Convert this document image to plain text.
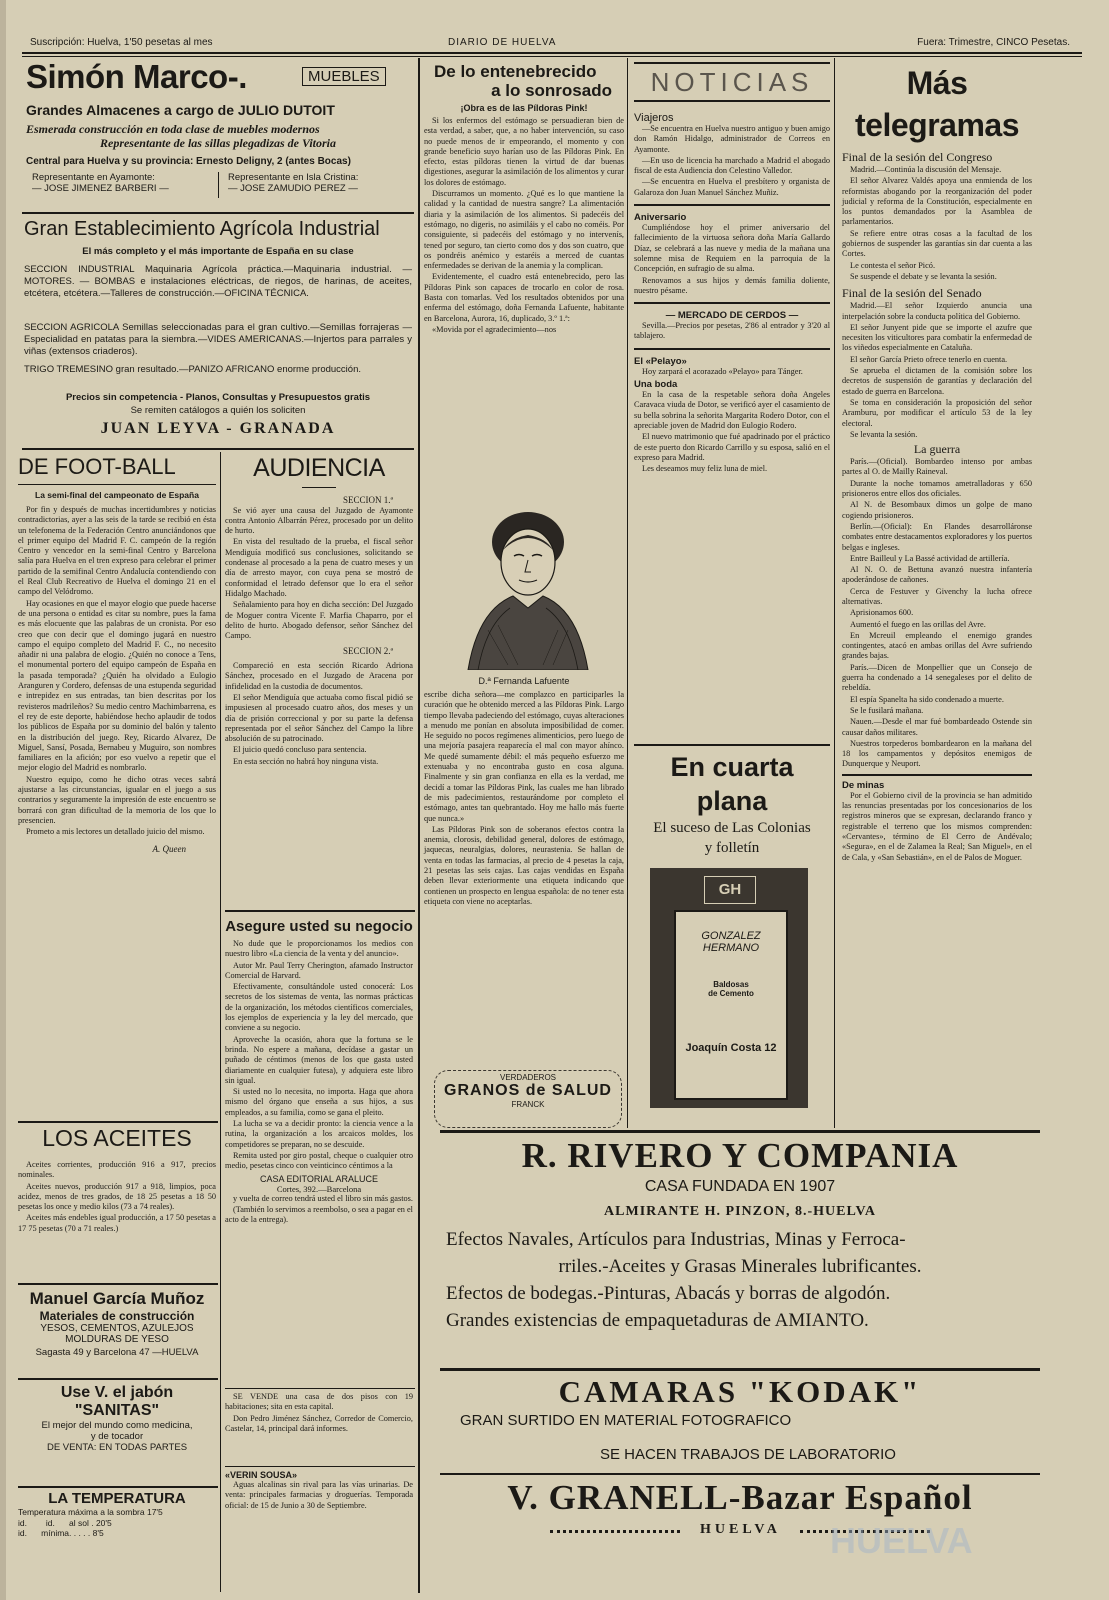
Suscripción: Huelva, 1'50 pesetas al mes	DIARIO DE HUELVA	Fuera: Trimestre, CINCO Pesetas.
Simón Marco-.	MUEBLES
Grandes Almacenes a cargo de JULIO DUTOIT
Esmerada construcción en toda clase de muebles modernos
Representante de las sillas plegadizas de Vitoria
Central para Huelva y su provincia: Ernesto Deligny, 2 (antes Bocas)
Representante en Ayamonte:
— JOSE JIMENEZ BARBERI —
Representante en Isla Cristina:
— JOSE ZAMUDIO PEREZ —
Gran Establecimiento Agrícola Industrial
El más completo y el más importante de España en su clase
SECCION INDUSTRIAL Maquinaria Agrícola práctica.—Maquinaria industrial. — MOTORES. — BOMBAS e instalaciones eléctricas, de riegos, de harinas, de aceites, etcétera, etcétera.—Talleres de construcción.—OFICINA TÉCNICA.
SECCION AGRICOLA Semillas seleccionadas para el gran cultivo.—Semillas forrajeras —Especialidad en patatas para la siembra.—VIDES AMERICANAS.—Injertos para parrales y viñas (extensos criaderos).
TRIGO TREMESINO gran resultado.—PANIZO AFRICANO enorme producción.
Precios sin competencia - Planos, Consultas y Presupuestos gratis
Se remiten catálogos a quién los soliciten
JUAN LEYVA - GRANADA
DE FOOT-BALL
La semi-final del campeonato de España

Por fin y después de muchas incertidumbres y noticias contradictorias, ayer a las seis de la tarde se recibió en ésta un telefonema de la Federación Centro anunciándonos que el primer equipo del Madrid F. C. campeón de la región Centro y vencedor en la semi-final Centro y Barcelona salía para Huelva en el tren expreso para celebrar el primer partido de la semifinal Centro Andalucía contendiendo con el Real Club Recreativo de Huelva el domingo 21 en el campo del Velódromo.

Hay ocasiones en que el mayor elogio que puede hacerse de una persona o entidad es citar su nombre, pues la fama es más elocuente que las palabras de un cronista. Por eso creo que con decir que el domingo jugará en nuestro campo el equipo completo del Madrid F. C., no necesito añadir ni una palabra de elogio. ¿Quién no conoce a Tens, el monumental portero del equipo campeón de España en la pasada temporada? ¿Quién ha olvidado a Eulogio Aranguren y Cordero, defensas de una estupenda seguridad e intrepidez en sus entradas, tan bien descritas por los revisteros madrileños? Su medio centro Machimbarrena, es el rey de este deporte, habiéndose hecho aplaudir de todos los públicos de España por su dominio del balón y talento en la distribución del juego. Rey, Ricardo Alvarez, De Miguel, Sansí, Posada, Bernabeu y Muguiro, son nombres familiares en la afición; por eso vuelvo a repetir que el mejor elogio del Madrid es nombrarlo.

Nuestro equipo, como he dicho otras veces sabrá ajustarse a las circunstancias, igualar en el juego a sus contrarios y seguramente la impresión de este encuentro se borrará con gran dificultad de la memoria de los que lo presencien.

Prometo a mis lectores un detallado juicio del mismo.

A. Queen
LOS ACEITES

Aceites corrientes, producción 916 a 917, precios nominales.

Aceites nuevos, producción 917 a 918, limpios, poca acidez, menos de tres grados, de 18 25 pesetas a 18 50 pesetas los once y medio kilos (73 a 74 reales).

Aceites más endebles igual producción, a 17 50 pesetas a 17 75 pesetas (70 a 71 reales.)

Manuel García Muñoz
Materiales de construcción
YESOS, CEMENTOS, AZULEJOS
MOLDURAS DE YESO
Sagasta 49 y Barcelona 47 —HUELVA
Use V. el jabón "SANITAS"
El mejor del mundo como medicina,
y de tocador
DE VENTA: EN TODAS PARTES
LA TEMPERATURA
Temperatura máxima a la sombra 17'5
id.        id.      al sol . 20'5
id.      mínima. . . . . 8'5
AUDIENCIA
SECCION 1.ª

Se vió ayer una causa del Juzgado de Ayamonte contra Antonio Albarrán Pérez, procesado por un delito de hurto.

En vista del resultado de la prueba, el fiscal señor Mendiguía modificó sus conclusiones, solicitando se condenase al procesado a la pena de cuatro meses y un día de arresto mayor, con cuya pena se mostró de conformidad el letrado defensor que lo era el señor Hidalgo Machado.

Señalamiento para hoy en dicha sección: Del Juzgado de Moguer contra Vicente F. Marfia Chaparro, por el delito de hurto. Abogado defensor, señor Sánchez del Campo.

SECCION 2.ª

Compareció en esta sección Ricardo Adriona Sánchez, procesado en el Juzgado de Aracena por infidelidad en la custodia de documentos.

El señor Mendiguía que actuaba como fiscal pidió se impusiesen al procesado cuatro años, dos meses y un día de prisión correccional y por su parte la defensa representada por el señor Sánchez del Campo la libre absolución de su patrocinado.

El juicio quedó concluso para sentencia.

En esta sección no habrá hoy ninguna vista.

Asegure usted su negocio

No dude que le proporcionamos los medios con nuestro libro «La ciencia de la venta y del anuncio».

Autor Mr. Paul Terry Cherington, afamado Instructor Comercial de Harvard.

Efectivamente, consultándole usted conocerá: Los secretos de los sistemas de venta, las normas prácticas de la organización, los métodos científicos comerciales, los ejemplos de experiencia y la ley del mercado, que conviene a su negocio.

Aproveche la ocasión, ahora que la fortuna se le brinda. No espere a mañana, decídase a gastar un puñado de céntimos (menos de los que gasta usted diariamente en cualquier futesa), y adquiera este libro sin igual.

Si usted no lo necesita, no importa. Haga que ahora mismo del órgano que enseña a sus hijos, a sus empleados, a su familia, como se gana el pleito.

La lucha se va a decidir pronto: la ciencia vence a la rutina, la organización a los arcaicos moldes, los competidores se preparan, no se descuide.

Remita usted por giro postal, cheque o cualquier otro medio, pesetas cinco con veinticinco céntimos a la

CASA EDITORIAL ARALUCE
Cortes, 392.—Barcelona

y vuelta de correo tendrá usted el libro sin más gastos.

(También lo servimos a reembolso, o sea a pagar en el acto de la entrega).

SE VENDE una casa de dos pisos con 19 habitaciones; sita en esta capital.

Don Pedro Jiménez Sánchez, Corredor de Comercio, Castelar, 14, principal dará informes.

«VERIN SOUSA»

Aguas alcalinas sin rival para las vías urinarias. De venta: principales farmacias y droguerías. Temporada oficial: de 15 de Junio a 30 de Septiembre.

De lo entenebrecido
a lo sonrosado
¡Obra es de las Píldoras Pink!

Si los enfermos del estómago se persuadieran bien de esta verdad, a saber, que, a no haber intervención, su caso no puede menos de ir empeorando, el momento y con grande beneficio suyo harían uso de las Píldoras Pink. En efecto, estas píldoras tienen la virtud de dar buenas digestiones, asegurar la asimilación de los alimentos y curar los dolores de estómago.

Discurramos un momento. ¿Qué es lo que mantiene la calidad y la cantidad de nuestra sangre? La alimentación diaria y la asimilación de los alimentos. Si padecéis del estómago, no digeris, no asimiláis y el cabo no coméis. Por consiguiente, si padecéis del estómago y no intervenís, tened por seguro, tan cierto como dos y dos son cuatro, que os pondréis anémico y estaréis a merced de cuantas enfermedades se derivan de la anemia y la complican.

Evidentemente, el cuadro está entenebrecido, pero las Píldoras Pink son capaces de trocarlo en color de rosa. Basta con tomarlas. Ved los resultados obtenidos por una enferma del estómago, doña Fernanda Lafuente, habitante en Barcelona, Aurora, 16, duplicado, 3.º 1.ª:

«Movida por el agradecimiento—nos

D.ª Fernanda Lafuente

escribe dicha señora—me complazco en participarles la curación que he obtenido merced a las Píldoras Pink. Largo tiempo llevaba padeciendo del estómago, cuyas alteraciones a menudo me ponían en absoluta imposibilidad de comer. He seguido no pocos regímenes alimenticios, pero luego de una mejoría pasajera reaparecía el mal con mayor ahínco. Me quedé sumamente débil: el más pequeño esfuerzo me extenuaba y no encontraba gusto en cosa alguna. Finalmente y sin gran confianza en ella es la verdad, me decidí a tomar las Píldoras Pink, las cuales me han librado de mis padecimientos, restaurándome por completo el estómago, antes tan quebrantado. Hoy me hallo más fuerte que nunca.»

Las Píldoras Pink son de soberanos efectos contra la anemia, clorosis, debilidad general, dolores de estómago, jaquecas, neuralgias, dolores, neurastenia. Se hallan de venta en todas las farmacias, al precio de 4 pesetas la caja, 21 pesetas las seis cajas. Las cajas vendidas en España deben llevar exteriormente una etiqueta indicando que contienen un prospecto en lengua española: de no tener esta etiqueta con viene no aceptarlas.

VERDADEROS
GRANOS de SALUD
FRANCK
NOTICIAS
Viajeros

—Se encuentra en Huelva nuestro antiguo y buen amigo don Ramón Hidalgo, administrador de Correos en Ayamonte.

—En uso de licencia ha marchado a Madrid el abogado fiscal de esta Audiencia don Celestino Valledor.

—Se encuentra en Huelva el presbítero y organista de Galaroza don Juan Manuel Sánchez Muñiz.

Aniversario

Cumpliéndose hoy el primer aniversario del fallecimiento de la virtuosa señora doña María Gallardo Díaz, se celebrará a las nueve y media de la mañana una solemne misa de Requiem en la parroquia de la Concepción, en sufragio de su alma.

Renovamos a sus hijos y demás familia doliente, nuestro pésame.

— MERCADO DE CERDOS —

Sevilla.—Precios por pesetas, 2'86 al entrador y 3'20 al tablajero.

El «Pelayo»

Hoy zarpará el acorazado «Pelayo» para Tánger.

Una boda

En la casa de la respetable señora doña Angeles Caravaca viuda de Dotor, se verificó ayer el casamiento de su bella sobrina la señorita Margarita Rodero Dotor, con el apreciable joven de Madrid don Eulogio Rodero.

El nuevo matrimonio que fué apadrinado por el práctico de este puerto don Ricardo Carrillo y su esposa, salió en el expreso para Madrid.

Les deseamos muy feliz luna de miel.

En cuarta plana
El suceso de Las Colonias
y folletín
GH
GONZALEZ
HERMANO
Baldosas
de Cemento
Joaquín Costa 12
Más telegramas
Final de la sesión del Congreso

Madrid.—Continúa la discusión del Mensaje.

El señor Alvarez Valdés apoya una enmienda de los reformistas abogando por la reorganización del poder judicial y reforma de la Constitución, especialmente en los puntos demandados por la Asamblea de parlamentarios.

Se refiere entre otras cosas a la facultad de los gobiernos de suspender las garantías sin dar cuenta a las Cortes.

Le contesta el señor Picó.

Se suspende el debate y se levanta la sesión.

Final de la sesión del Senado

Madrid.—El señor Izquierdo anuncia una interpelación sobre la conducta política del Gobierno.

El señor Junyent pide que se importe el azufre que necesiten los viticultores para combatir la enfermedad de los viñedos especialmente en Cataluña.

El señor García Prieto ofrece tenerlo en cuenta.

Se aprueba el dictamen de la comisión sobre los decretos de suspensión de garantías y declaración del estado de guerra en Barcelona.

Se toma en consideración la proposición del señor Aramburu, por modificar el artículo 53 de la ley electoral.

Se levanta la sesión.

La guerra

París.—(Oficial). Bombardeo intenso por ambas partes al O. de Mailly Raineval.

Durante la noche tomamos ametralladoras y 650 prisioneros entre ellos dos oficiales.

Al N. de Besombaux dimos un golpe de mano cogiendo prisioneros.

Berlín.—(Oficial): En Flandes desarrolláronse combates entre destacamentos exploradores y los puertos belgas e ingleses.

Entre Bailleul y La Bassé actividad de artillería.

Al N. O. de Bettuna avanzó nuestra infantería apoderándose de cañones.

Cerca de Festuver y Givenchy la lucha ofrece alternativas.

Aprisionamos 600.

Aumentó el fuego en las orillas del Avre.

En Mcreuil empleando el enemigo grandes contingentes, atacó en ambas orillas del Avre sufriendo grandes bajas.

París.—Dicen de Monpellier que un Consejo de guerra ha condenado a 14 senegaleses por el delito de rebeldía.

El espía Spanelta ha sido condenado a muerte.

Se le fusilará mañana.

Nauen.—Desde el mar fué bombardeado Ostende sin causar daños militares.

Nuestros torpederos bombardearon en la mañana del 18 los campamentos y depósitos enemigos de Dunquerque y Neuport.

De minas

Por el Gobierno civil de la provincia se han admitido las renuncias presentadas por los concesionarios de los registros mineros que se expresan, declarando franco y registrable el terreno que los mismos comprenden: «Cervantes», término de El Cerro de Andévalo; «Segura», en el de Zalamea la Real; San Miguel», en el de Cala, y «San Sebastián», en el de Palos de Moguer.

R. RIVERO Y COMPANIA
CASA FUNDADA EN 1907
ALMIRANTE H. PINZON, 8.-HUELVA
Efectos Navales, Artículos para Industrias, Minas y Ferroca-
rriles.-Aceites y Grasas Minerales lubrificantes.
Efectos de bodegas.-Pinturas, Abacás y borras de algodón.
Grandes existencias de empaquetaduras de AMIANTO.
CAMARAS "KODAK"
GRAN SURTIDO EN MATERIAL FOTOGRAFICO
SE HACEN TRABAJOS DE LABORATORIO
V. GRANELL-Bazar Español
HUELVA HUELVA
